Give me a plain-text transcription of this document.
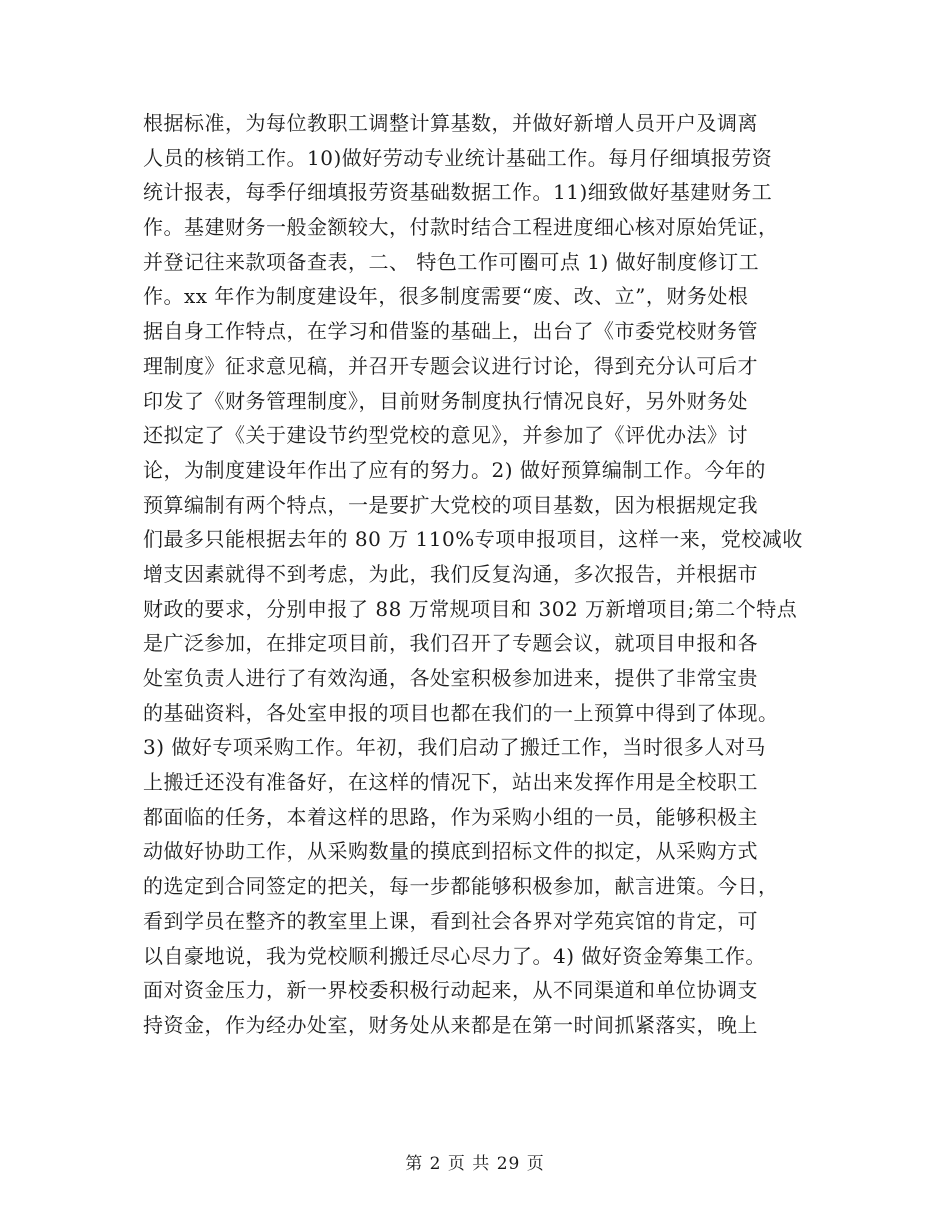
根据标准，为每位教职工调整计算基数，并做好新增人员开户及调离
人员的核销工作。10)做好劳动专业统计基础工作。每月仔细填报劳资
统计报表，每季仔细填报劳资基础数据工作。11)细致做好基建财务工
作。基建财务一般金额较大，付款时结合工程进度细心核对原始凭证，
并登记往来款项备查表，二、 特色工作可圈可点 1) 做好制度修订工
作。xx 年作为制度建设年，很多制度需要“废、改、立”，财务处根
据自身工作特点，在学习和借鉴的基础上，出台了《市委党校财务管
理制度》征求意见稿，并召开专题会议进行讨论，得到充分认可后才
印发了《财务管理制度》，目前财务制度执行情况良好，另外财务处
还拟定了《关于建设节约型党校的意见》，并参加了《评优办法》讨
论，为制度建设年作出了应有的努力。2) 做好预算编制工作。今年的
预算编制有两个特点，一是要扩大党校的项目基数，因为根据规定我
们最多只能根据去年的 80 万 110%专项申报项目，这样一来，党校减收
增支因素就得不到考虑，为此，我们反复沟通，多次报告，并根据市
财政的要求，分别申报了 88 万常规项目和 302 万新增项目;第二个特点
是广泛参加，在排定项目前，我们召开了专题会议，就项目申报和各
处室负责人进行了有效沟通，各处室积极参加进来，提供了非常宝贵
的基础资料，各处室申报的项目也都在我们的一上预算中得到了体现。
3) 做好专项采购工作。年初，我们启动了搬迁工作，当时很多人对马
上搬迁还没有准备好，在这样的情况下，站出来发挥作用是全校职工
都面临的任务，本着这样的思路，作为采购小组的一员，能够积极主
动做好协助工作，从采购数量的摸底到招标文件的拟定，从采购方式
的选定到合同签定的把关，每一步都能够积极参加，献言进策。今日，
看到学员在整齐的教室里上课，看到社会各界对学苑宾馆的肯定，可
以自豪地说，我为党校顺利搬迁尽心尽力了。4) 做好资金筹集工作。
面对资金压力，新一界校委积极行动起来，从不同渠道和单位协调支
持资金，作为经办处室，财务处从来都是在第一时间抓紧落实，晚上
第 2 页 共 29 页
